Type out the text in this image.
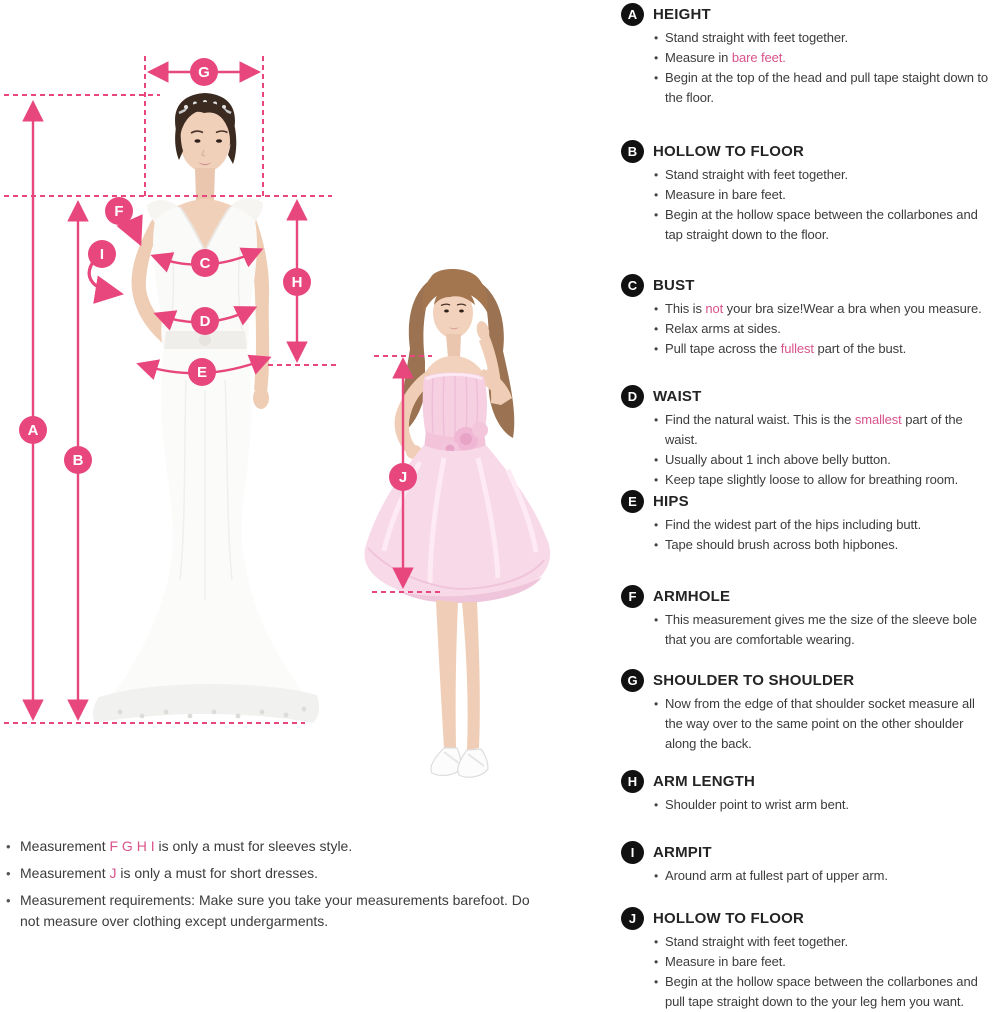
A
B
C
D
E
F
G
H
I
J

• Measurement F G H I is only a must for sleeves style.

• Measurement J is only a must for short dresses.

• Measurement requirements: Make sure you take your measurements barefoot. Do not measure over clothing except undergarments.

A	HEIGHT
• Stand straight with feet together.
• Measure in bare feet.
• Begin at the top of the head and pull tape staight down to the floor.
B	HOLLOW TO FLOOR
• Stand straight with feet together.
• Measure in bare feet.
• Begin at the hollow space between the collarbones and tap straight down to the floor.
C	BUST
• This is not your bra size!Wear a bra when you measure.
• Relax arms at sides.
• Pull tape across the fullest part of the bust.
D	WAIST
• Find the natural waist. This is the smallest part of the waist.
• Usually about 1 inch above belly button.
• Keep tape slightly loose to allow for breathing room.
E	HIPS
• Find the widest part of the hips including butt.
• Tape should brush across both hipbones.
F	ARMHOLE
• This measurement gives me the size of the sleeve bole that you are comfortable wearing.
G	SHOULDER TO SHOULDER
• Now from the edge of that shoulder socket measure all the way over to the same point on the other shoulder along the back.
H	ARM LENGTH
• Shoulder point to wrist arm bent.
I	ARMPIT
• Around arm at fullest part of upper arm.
J	HOLLOW TO FLOOR
• Stand straight with feet together.
• Measure in bare feet.
• Begin at the hollow space between the collarbones and pull tape straight down to the your leg hem you want.
